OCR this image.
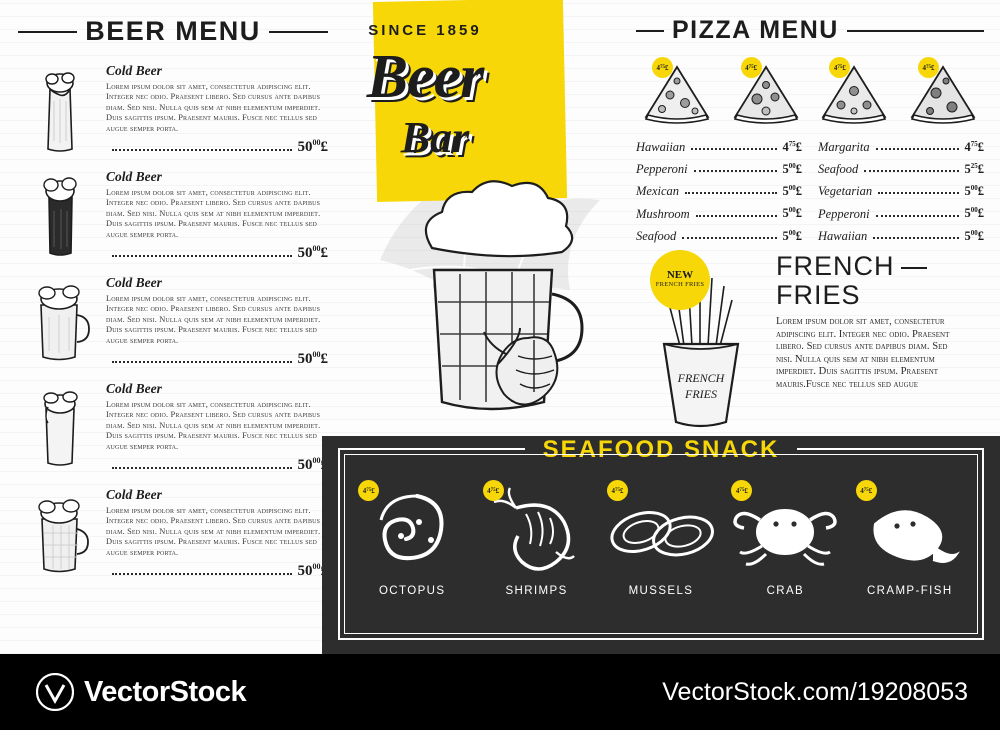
BEER MENU
Cold Beer
Lorem ipsum dolor sit amet, consectetur adipiscing elit. Integer nec odio. Praesent libero. Sed cursus ante dapibus diam. Sed nisi. Nulla quis sem at nibh elementum imperdiet. Duis sagittis ipsum. Praesent mauris. Fusce nec tellus sed augue semper porta.
$50^{00}£$
Cold Beer
Lorem ipsum dolor sit amet, consectetur adipiscing elit. Integer nec odio. Praesent libero. Sed cursus ante dapibus diam. Sed nisi. Nulla quis sem at nibh elementum imperdiet. Duis sagittis ipsum. Praesent mauris. Fusce nec tellus sed augue semper porta.
$50^{00}£$
Cold Beer
Lorem ipsum dolor sit amet, consectetur adipiscing elit. Integer nec odio. Praesent libero. Sed cursus ante dapibus diam. Sed nisi. Nulla quis sem at nibh elementum imperdiet. Duis sagittis ipsum. Praesent mauris. Fusce nec tellus sed augue semper porta.
$50^{00}£$
Cold Beer
Lorem ipsum dolor sit amet, consectetur adipiscing elit. Integer nec odio. Praesent libero. Sed cursus ante dapibus diam. Sed nisi. Nulla quis sem at nibh elementum imperdiet. Duis sagittis ipsum. Praesent mauris. Fusce nec tellus sed augue semper porta.
$50^{00}$
Cold Beer
Lorem ipsum dolor sit amet, consectetur adipiscing elit. Integer nec odio. Praesent libero. Sed cursus ante dapibus diam. Sed nisi. Nulla quis sem at nibh elementum imperdiet. Duis sagittis ipsum. Praesent mauris. Fusce nec tellus sed augue semper porta.
$50^{00}$
SINCE 1859
Beer
Bar
PIZZA MENU
4 75 £	4 75 £	4 75 £	4 75 £
Hawaiian	$4^{75}£$
Pepperoni	$5^{00}£$
Mexican	$5^{00}£$
Mushroom	$5^{00}£$
Seafood	$5^{00}£$
Margarita	$4^{75}£$
Seafood	$5^{25}£$
Vegetarian	$5^{00}£$
Pepperoni	$5^{00}£$
Hawaiian	$5^{00}£$
NEW
FRENCH FRIES
FRENCH
FRIES
FRENCH
FRIES
Lorem ipsum dolor sit amet, consectetur adipiscing elit. Integer nec odio. Praesent libero. Sed cursus ante dapibus diam. Sed nisi. Nulla quis sem at nibh elementum imperdiet. Duis sagittis ipsum. Praesent mauris.Fusce nec tellus sed augue
SEAFOOD SNACK
4 75 £
OCTOPUS
4 75 £
SHRIMPS
4 75 £
MUSSELS
4 75 £
CRAB
4 75 £
CRAMP-FISH
VectorStock	VectorStock.com/19208053
